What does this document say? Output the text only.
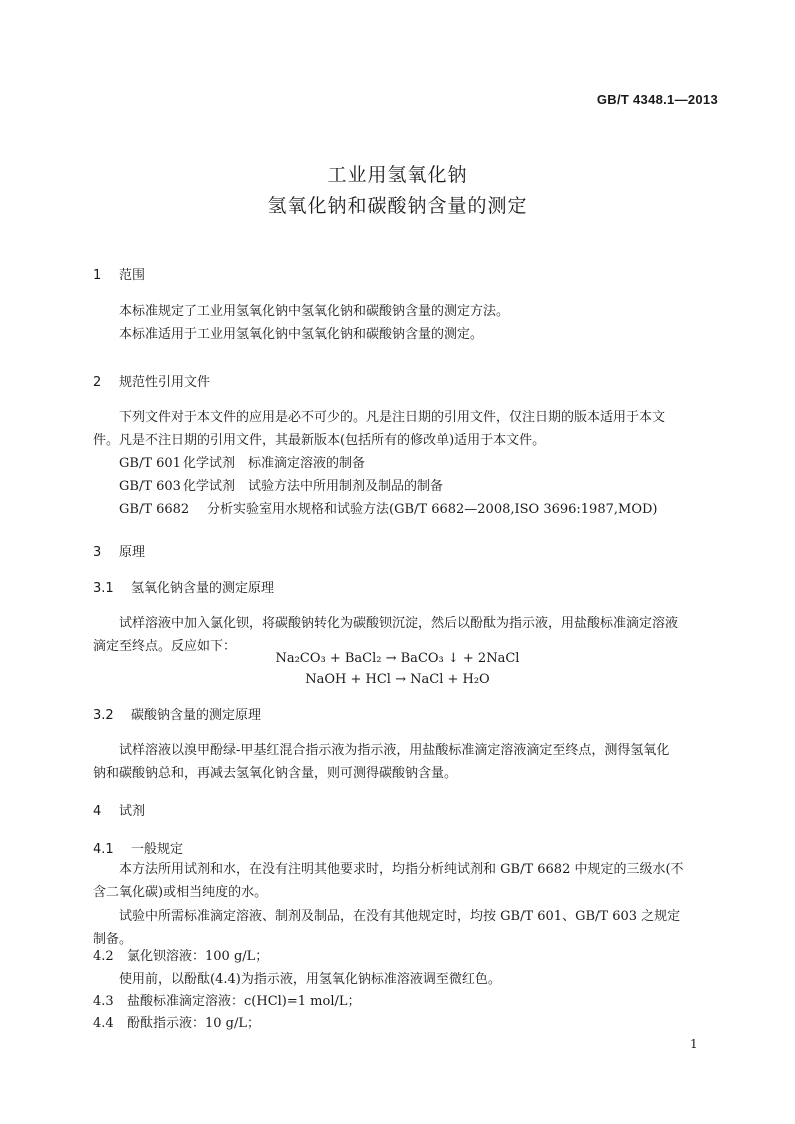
GB/T 4348.1—2013
工业用氢氧化钠
氢氧化钠和碳酸钠含量的测定
1 范围
本标准规定了工业用氢氧化钠中氢氧化钠和碳酸钠含量的测定方法。
本标准适用于工业用氢氧化钠中氢氧化钠和碳酸钠含量的测定。
2 规范性引用文件
下列文件对于本文件的应用是必不可少的。凡是注日期的引用文件，仅注日期的版本适用于本文
件。凡是不注日期的引用文件，其最新版本(包括所有的修改单)适用于本文件。
GB/T 601 化学试剂　标准滴定溶液的制备
GB/T 603 化学试剂　试验方法中所用制剂及制品的制备
GB/T 6682 分析实验室用水规格和试验方法(GB/T 6682—2008,ISO 3696:1987,MOD)
3 原理
3.1 氢氧化钠含量的测定原理
试样溶液中加入氯化钡，将碳酸钠转化为碳酸钡沉淀，然后以酚酞为指示液，用盐酸标准滴定溶液
滴定至终点。反应如下：
Na₂CO₃ + BaCl₂ → BaCO₃ ↓ + 2NaCl
NaOH + HCl → NaCl + H₂O
3.2 碳酸钠含量的测定原理
试样溶液以溴甲酚绿-甲基红混合指示液为指示液，用盐酸标准滴定溶液滴定至终点，测得氢氧化
钠和碳酸钠总和，再减去氢氧化钠含量，则可测得碳酸钠含量。
4 试剂
4.1 一般规定
本方法所用试剂和水，在没有注明其他要求时，均指分析纯试剂和 GB/T 6682 中规定的三级水(不
含二氧化碳)或相当纯度的水。
试验中所需标准滴定溶液、制剂及制品，在没有其他规定时，均按 GB/T 601、GB/T 603 之规定
制备。
4.2 氯化钡溶液：100 g/L；
使用前，以酚酞(4.4)为指示液，用氢氧化钠标准溶液调至微红色。
4.3 盐酸标准滴定溶液：c(HCl)=1 mol/L；
4.4 酚酞指示液：10 g/L；
1
